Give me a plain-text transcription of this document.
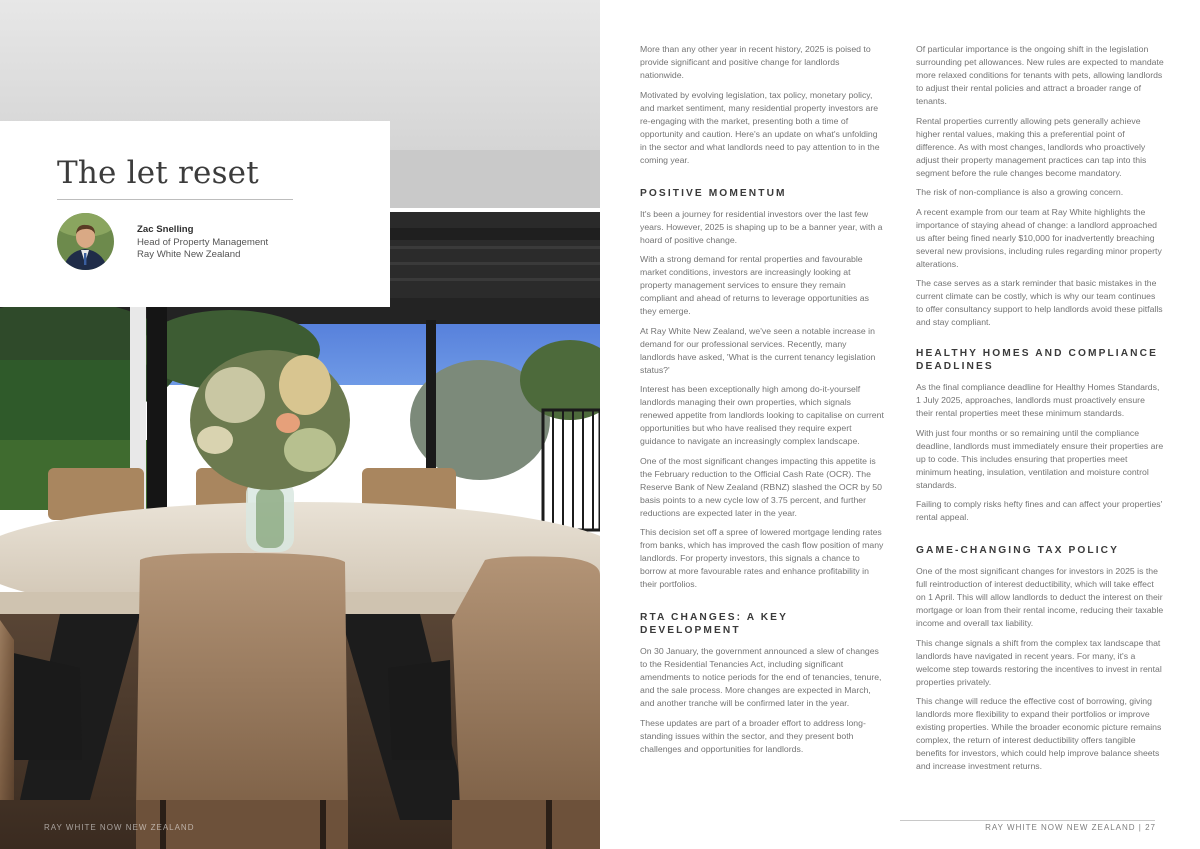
The let reset
Zac Snelling
Head of Property Management
Ray White New Zealand
RAY WHITE NOW NEW ZEALAND

More than any other year in recent history, 2025 is poised to provide significant and positive change for landlords nationwide.

Motivated by evolving legislation, tax policy, monetary policy, and market sentiment, many residential property investors are re-engaging with the market, presenting both a time of opportunity and caution. Here's an update on what's unfolding in the sector and what landlords need to pay attention to in the coming year.

POSITIVE MOMENTUM

It's been a journey for residential investors over the last few years. However, 2025 is shaping up to be a banner year, with a hoard of positive change.

With a strong demand for rental properties and favourable market conditions, investors are increasingly looking at property management services to ensure they remain compliant and ahead of returns to leverage opportunities as they emerge.

At Ray White New Zealand, we've seen a notable increase in demand for our professional services. Recently, many landlords have asked, 'What is the current tenancy legislation status?'

Interest has been exceptionally high among do-it-yourself landlords managing their own properties, which signals renewed appetite from landlords looking to capitalise on current opportunities but who have realised they require expert guidance to navigate an increasingly complex landscape.

One of the most significant changes impacting this appetite is the February reduction to the Official Cash Rate (OCR). The Reserve Bank of New Zealand (RBNZ) slashed the OCR by 50 basis points to a new cycle low of 3.75 percent, and further reductions are expected later in the year.

This decision set off a spree of lowered mortgage lending rates from banks, which has improved the cash flow position of many landlords. For property investors, this signals a chance to borrow at more favourable rates and enhance profitability in their portfolios.

RTA CHANGES: A KEY DEVELOPMENT

On 30 January, the government announced a slew of changes to the Residential Tenancies Act, including significant amendments to notice periods for the end of tenancies, tenure, and the sale process. More changes are expected in March, and another tranche will be confirmed later in the year.

These updates are part of a broader effort to address long-standing issues within the sector, and they present both challenges and opportunities for landlords.

Of particular importance is the ongoing shift in the legislation surrounding pet allowances. New rules are expected to mandate more relaxed conditions for tenants with pets, allowing landlords to adjust their rental policies and attract a broader range of tenants.

Rental properties currently allowing pets generally achieve higher rental values, making this a preferential point of difference. As with most changes, landlords who proactively adjust their property management practices can tap into this segment before the rule changes become mandatory.

The risk of non-compliance is also a growing concern.

A recent example from our team at Ray White highlights the importance of staying ahead of change: a landlord approached us after being fined nearly $10,000 for inadvertently breaching several new provisions, including rules regarding minor property alterations.

The case serves as a stark reminder that basic mistakes in the current climate can be costly, which is why our team continues to offer consultancy support to help landlords avoid these pitfalls and stay compliant.

HEALTHY HOMES AND COMPLIANCE DEADLINES

As the final compliance deadline for Healthy Homes Standards, 1 July 2025, approaches, landlords must proactively ensure their rental properties meet these minimum standards.

With just four months or so remaining until the compliance deadline, landlords must immediately ensure their properties are up to code. This includes ensuring that properties meet minimum heating, insulation, ventilation and moisture control standards.

Failing to comply risks hefty fines and can affect your properties' rental appeal.

GAME-CHANGING TAX POLICY

One of the most significant changes for investors in 2025 is the full reintroduction of interest deductibility, which will take effect on 1 April. This will allow landlords to deduct the interest on their mortgage or loan from their rental income, reducing their taxable income and overall tax liability.

This change signals a shift from the complex tax landscape that landlords have navigated in recent years. For many, it's a welcome step towards restoring the incentives to invest in rental properties privately.

This change will reduce the effective cost of borrowing, giving landlords more flexibility to expand their portfolios or improve existing properties. While the broader economic picture remains complex, the return of interest deductibility offers tangible benefits for investors, which could help improve balance sheets and increase investment returns.

RAY WHITE NOW NEW ZEALAND | 27
